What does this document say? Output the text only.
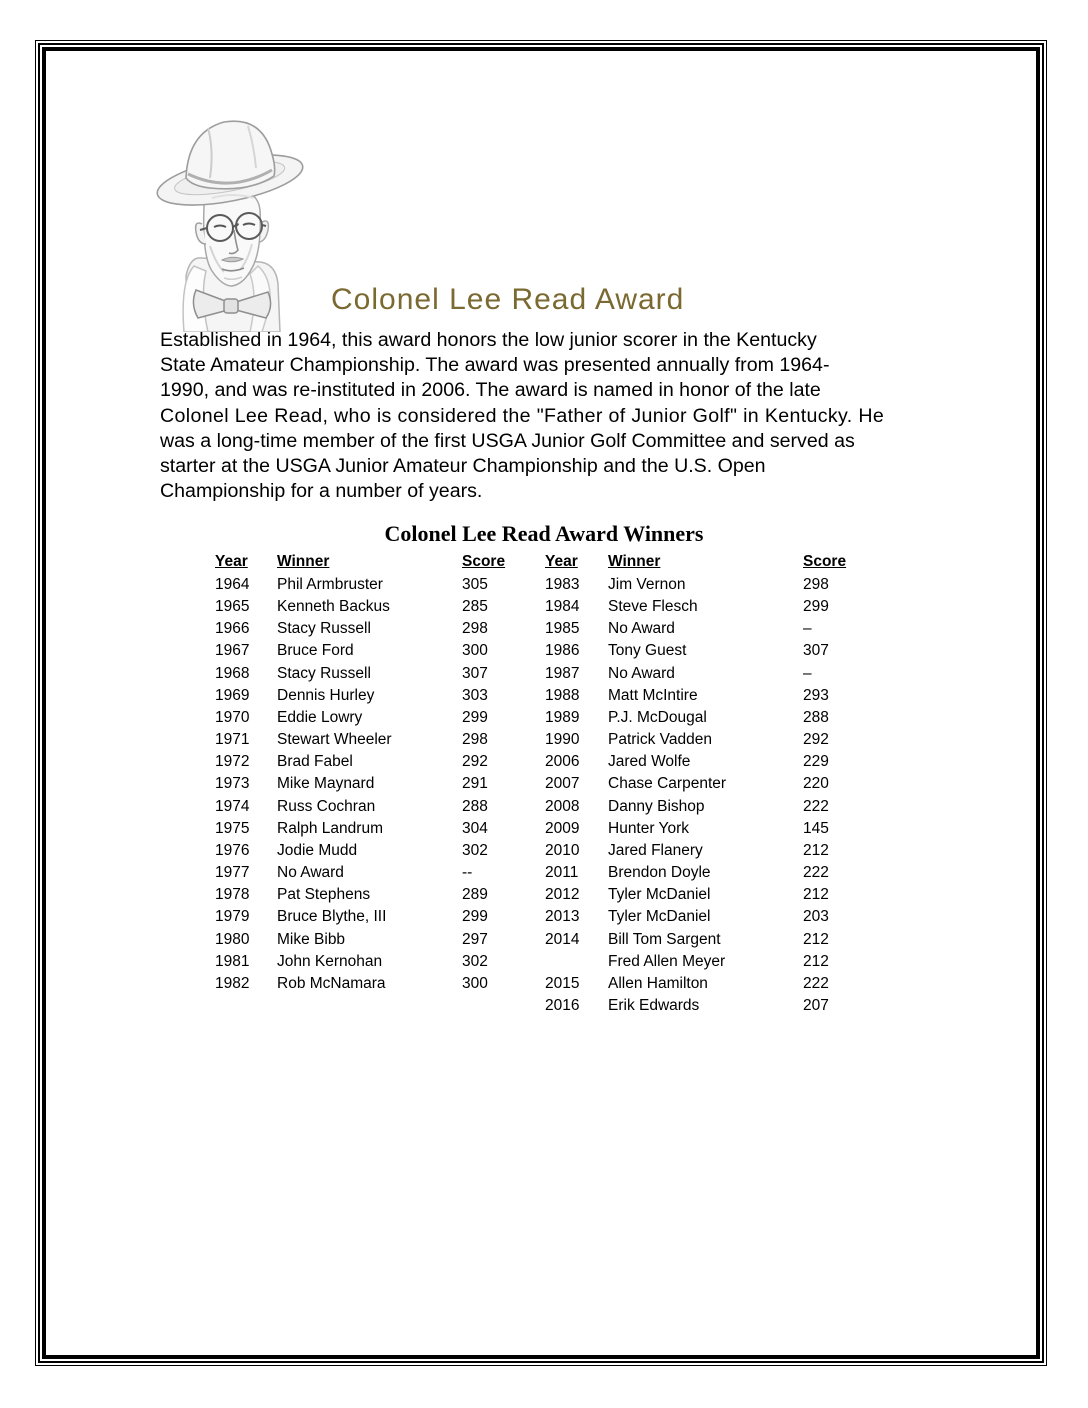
Colonel Lee Read Award
Established in 1964, this award honors the low junior scorer in the Kentucky
State Amateur Championship. The award was presented annually from 1964-
1990, and was re-instituted in 2006. The award is named in honor of the late
Colonel Lee Read, who is considered the "Father of Junior Golf" in Kentucky. He
was a long-time member of the first USGA Junior Golf Committee and served as
starter at the USGA Junior Amateur Championship and the U.S. Open
Championship for a number of years.
Colonel Lee Read Award Winners
Year	Winner	Score	Year	Winner	Score
1964	Phil Armbruster	305	1983	Jim Vernon	298
1965	Kenneth Backus	285	1984	Steve Flesch	299
1966	Stacy Russell	298	1985	No Award	–
1967	Bruce Ford	300	1986	Tony Guest	307
1968	Stacy Russell	307	1987	No Award	–
1969	Dennis Hurley	303	1988	Matt McIntire	293
1970	Eddie Lowry	299	1989	P.J. McDougal	288
1971	Stewart Wheeler	298	1990	Patrick Vadden	292
1972	Brad Fabel	292	2006	Jared Wolfe	229
1973	Mike Maynard	291	2007	Chase Carpenter	220
1974	Russ Cochran	288	2008	Danny Bishop	222
1975	Ralph Landrum	304	2009	Hunter York	145
1976	Jodie Mudd	302	2010	Jared Flanery	212
1977	No Award	--	2011	Brendon Doyle	222
1978	Pat Stephens	289	2012	Tyler McDaniel	212
1979	Bruce Blythe, III	299	2013	Tyler McDaniel	203
1980	Mike Bibb	297	2014	Bill Tom Sargent	212
1981	John Kernohan	302		Fred Allen Meyer	212
1982	Rob McNamara	300	2015	Allen Hamilton	222
			2016	Erik Edwards	207
